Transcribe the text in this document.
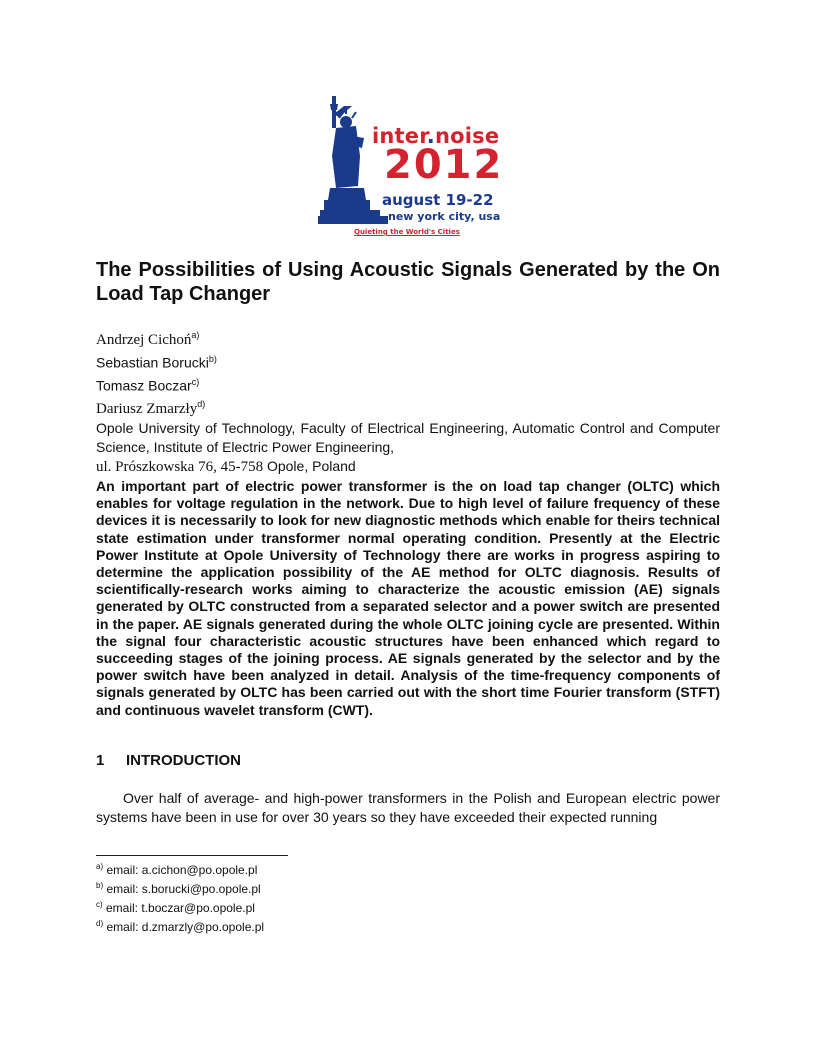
inter.noise
2012
august 19-22
new york city, usa
Quieting the World's Cities
The Possibilities of Using Acoustic Signals Generated by the On Load Tap Changer
Andrzej Cichoń$^{a)}$
Sebastian Borucki$^{b)}$
Tomasz Boczar$^{c)}$
Dariusz Zmarzły$^{d)}$
Opole University of Technology, Faculty of Electrical Engineering, Automatic Control and Computer Science, Institute of Electric Power Engineering,
ul. Prószkowska 76, 45-758 Opole, Poland

An important part of electric power transformer is the on load tap changer (OLTC) which enables for voltage regulation in the network. Due to high level of failure frequency of these devices it is necessarily to look for new diagnostic methods which enable for theirs technical state estimation under transformer normal operating condition. Presently at the Electric Power Institute at Opole University of Technology there are works in progress aspiring to determine the application possibility of the AE method for OLTC diagnosis. Results of scientifically-research works aiming to characterize the acoustic emission (AE) signals generated by OLTC constructed from a separated selector and a power switch are presented in the paper. AE signals generated during the whole OLTC joining cycle are presented. Within the signal four characteristic acoustic structures have been enhanced which regard to succeeding stages of the joining process. AE signals generated by the selector and by the power switch have been analyzed in detail. Analysis of the time-frequency components of signals generated by OLTC has been carried out with the short time Fourier transform (STFT) and continuous wavelet transform (CWT).

1 INTRODUCTION

Over half of average- and high-power transformers in the Polish and European electric power systems have been in use for over 30 years so they have exceeded their expected running

$^{a)}$ email: a.cichon@po.opole.pl
$^{b)}$ email: s.borucki@po.opole.pl
$^{c)}$ email: t.boczar@po.opole.pl
$^{d)}$ email: d.zmarzly@po.opole.pl
